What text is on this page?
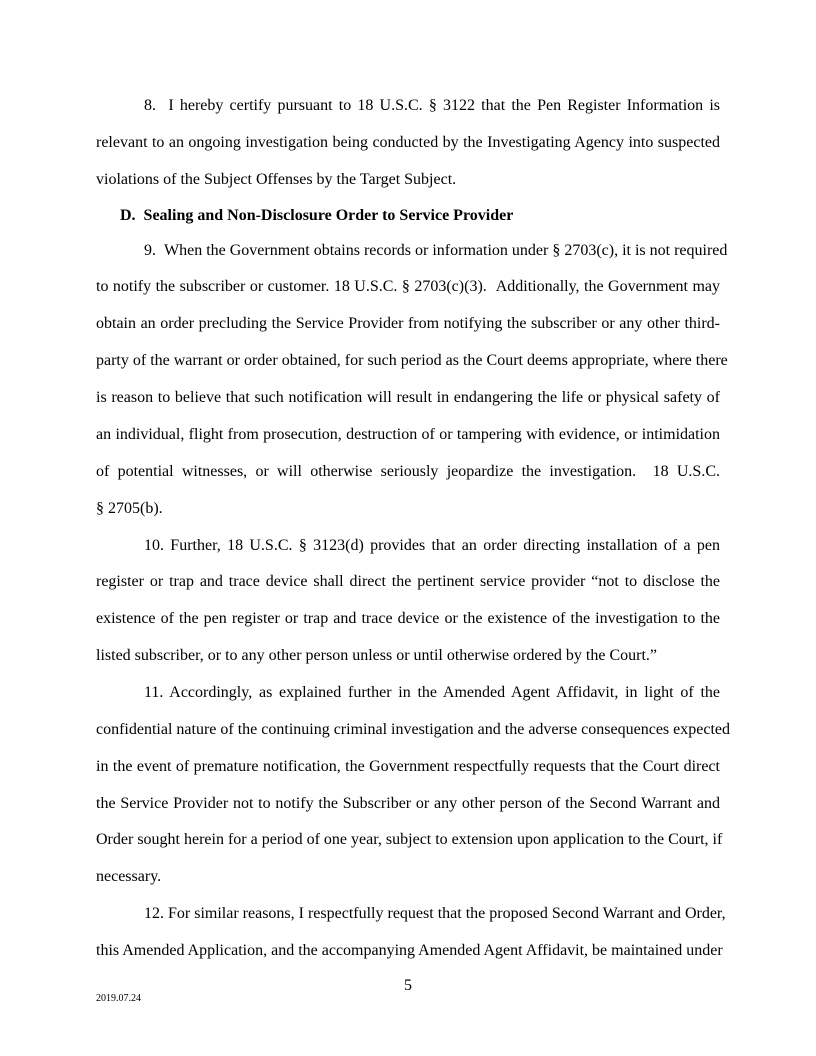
8.  I hereby certify pursuant to 18 U.S.C. § 3122 that the Pen Register Information is
relevant to an ongoing investigation being conducted by the Investigating Agency into suspected
violations of the Subject Offenses by the Target Subject.
D.  Sealing and Non-Disclosure Order to Service Provider
9.  When the Government obtains records or information under § 2703(c), it is not required
to notify the subscriber or customer. 18 U.S.C. § 2703(c)(3).  Additionally, the Government may
obtain an order precluding the Service Provider from notifying the subscriber or any other third-
party of the warrant or order obtained, for such period as the Court deems appropriate, where there
is reason to believe that such notification will result in endangering the life or physical safety of
an individual, flight from prosecution, destruction of or tampering with evidence, or intimidation
of potential witnesses, or will otherwise seriously jeopardize the investigation.  18 U.S.C.
§ 2705(b).
10. Further, 18 U.S.C. § 3123(d) provides that an order directing installation of a pen
register or trap and trace device shall direct the pertinent service provider “not to disclose the
existence of the pen register or trap and trace device or the existence of the investigation to the
listed subscriber, or to any other person unless or until otherwise ordered by the Court.”
11. Accordingly, as explained further in the Amended Agent Affidavit, in light of the
confidential nature of the continuing criminal investigation and the adverse consequences expected
in the event of premature notification, the Government respectfully requests that the Court direct
the Service Provider not to notify the Subscriber or any other person of the Second Warrant and
Order sought herein for a period of one year, subject to extension upon application to the Court, if
necessary.
12. For similar reasons, I respectfully request that the proposed Second Warrant and Order,
this Amended Application, and the accompanying Amended Agent Affidavit, be maintained under
5
2019.07.24
